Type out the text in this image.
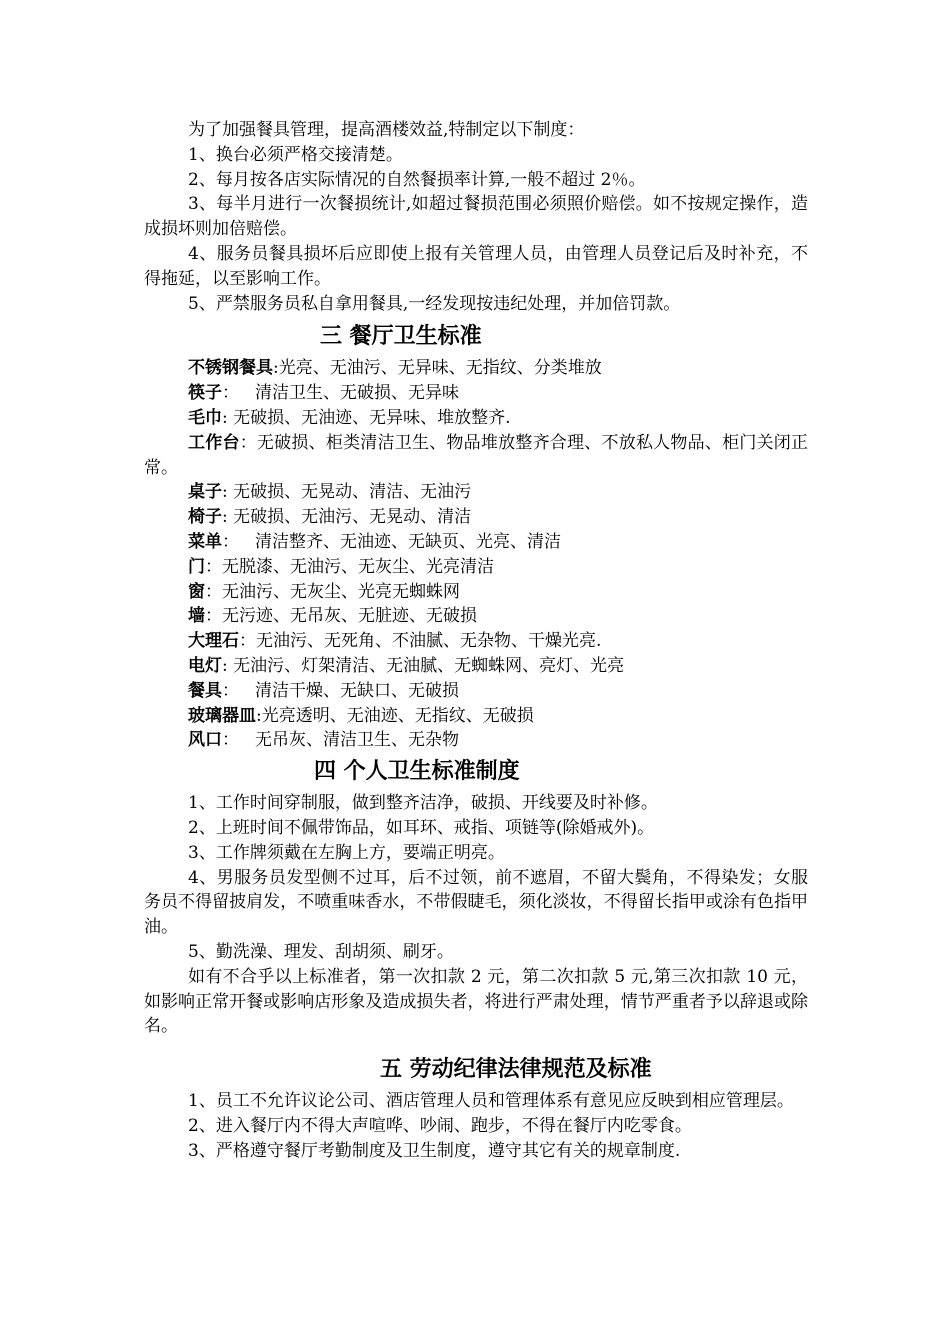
为了加强餐具管理，提高酒楼效益,特制定以下制度：
1、换台必须严格交接清楚。
2、每月按各店实际情况的自然餐损率计算,一般不超过 2％。
3、每半月进行一次餐损统计,如超过餐损范围必须照价赔偿。如不按规定操作，造成损坏则加倍赔偿。
4、服务员餐具损坏后应即使上报有关管理人员，由管理人员登记后及时补充，不得拖延，以至影响工作。
5、严禁服务员私自拿用餐具,一经发现按违纪处理，并加倍罚款。
三 餐厅卫生标准
不锈钢餐具:光亮、无油污、无异味、无指纹、分类堆放
筷子： 清洁卫生、无破损、无异味
毛巾: 无破损、无油迹、无异味、堆放整齐.
工作台：无破损、柜类清洁卫生、物品堆放整齐合理、不放私人物品、柜门关闭正常。
桌子: 无破损、无晃动、清洁、无油污
椅子: 无破损、无油污、无晃动、清洁
菜单： 清洁整齐、无油迹、无缺页、光亮、清洁
门：无脱漆、无油污、无灰尘、光亮清洁
窗：无油污、无灰尘、光亮无蜘蛛网
墙：无污迹、无吊灰、无脏迹、无破损
大理石：无油污、无死角、不油腻、无杂物、干燥光亮.
电灯: 无油污、灯架清洁、无油腻、无蜘蛛网、亮灯、光亮
餐具： 清洁干燥、无缺口、无破损
玻璃器皿:光亮透明、无油迹、无指纹、无破损
风口： 无吊灰、清洁卫生、无杂物
四 个人卫生标准制度
1、工作时间穿制服，做到整齐洁净，破损、开线要及时补修。
2、上班时间不佩带饰品，如耳环、戒指、项链等(除婚戒外)。
3、工作牌须戴在左胸上方，要端正明亮。
4、男服务员发型侧不过耳，后不过领，前不遮眉，不留大鬓角，不得染发；女服务员不得留披肩发，不喷重味香水，不带假睫毛，须化淡妆，不得留长指甲或涂有色指甲油。
5、勤洗澡、理发、刮胡须、刷牙。
如有不合乎以上标准者，第一次扣款 2 元，第二次扣款 5 元,第三次扣款 10 元，如影响正常开餐或影响店形象及造成损失者，将进行严肃处理，情节严重者予以辞退或除名。
五 劳动纪律法律规范及标准
1、员工不允许议论公司、酒店管理人员和管理体系有意见应反映到相应管理层。
2、进入餐厅内不得大声喧哗、吵闹、跑步，不得在餐厅内吃零食。
3、严格遵守餐厅考勤制度及卫生制度，遵守其它有关的规章制度.
